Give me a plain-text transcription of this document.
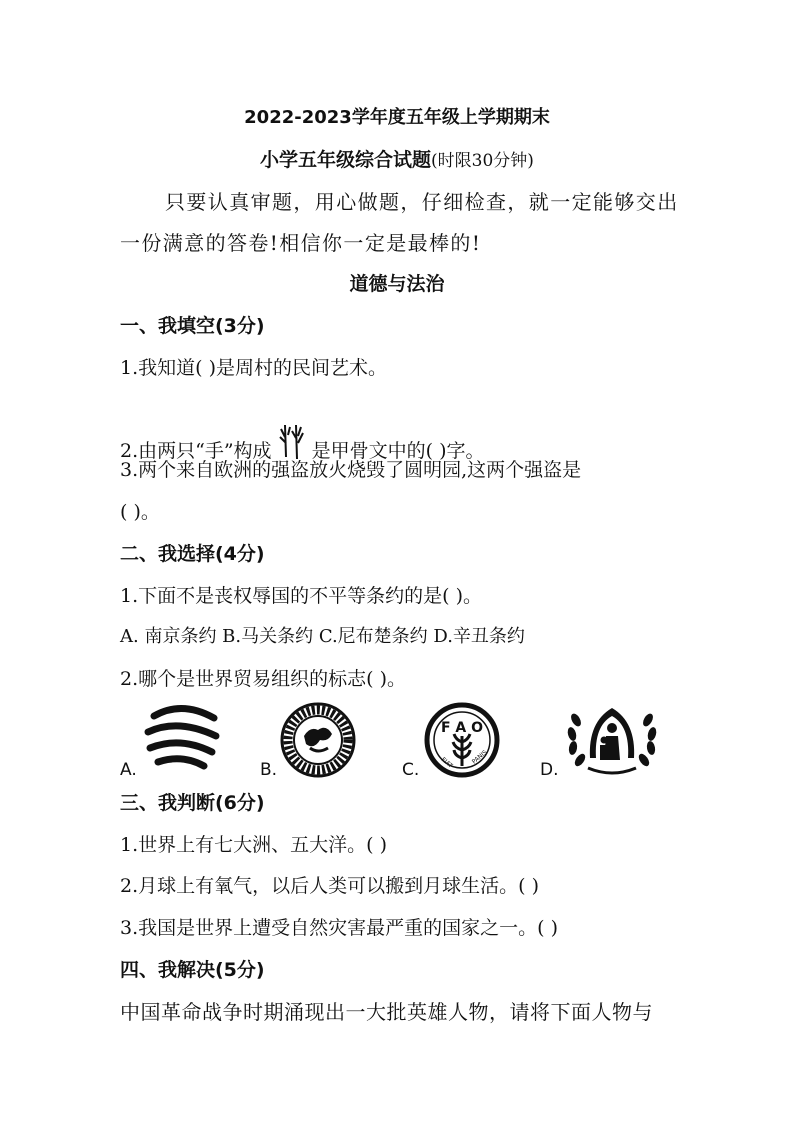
2022-2023学年度五年级上学期期末
小学五年级综合试题(时限30分钟)
只要认真审题，用心做题，仔细检查，就一定能够交出
一份满意的答卷!相信你一定是最棒的!
道德与法治
一、我填空(3分)
1.我知道( )是周村的民间艺术。
2.由两只“手”构成 是甲骨文中的( )字。
3.两个来自欧洲的强盗放火烧毁了圆明园,这两个强盗是
( )。
二、我选择(4分)
1.下面不是丧权辱国的不平等条约的是( )。
A. 南京条约 B.马关条约 C.尼布楚条约 D.辛丑条约
2.哪个是世界贸易组织的标志( )。
A.	B.	C.
F A O
FIAT	PANIS
D.
三、我判断(6分)
1.世界上有七大洲、五大洋。( )
2.月球上有氧气，以后人类可以搬到月球生活。( )
3.我国是世界上遭受自然灾害最严重的国家之一。( )
四、我解决(5分)
中国革命战争时期涌现出一大批英雄人物，请将下面人物与
